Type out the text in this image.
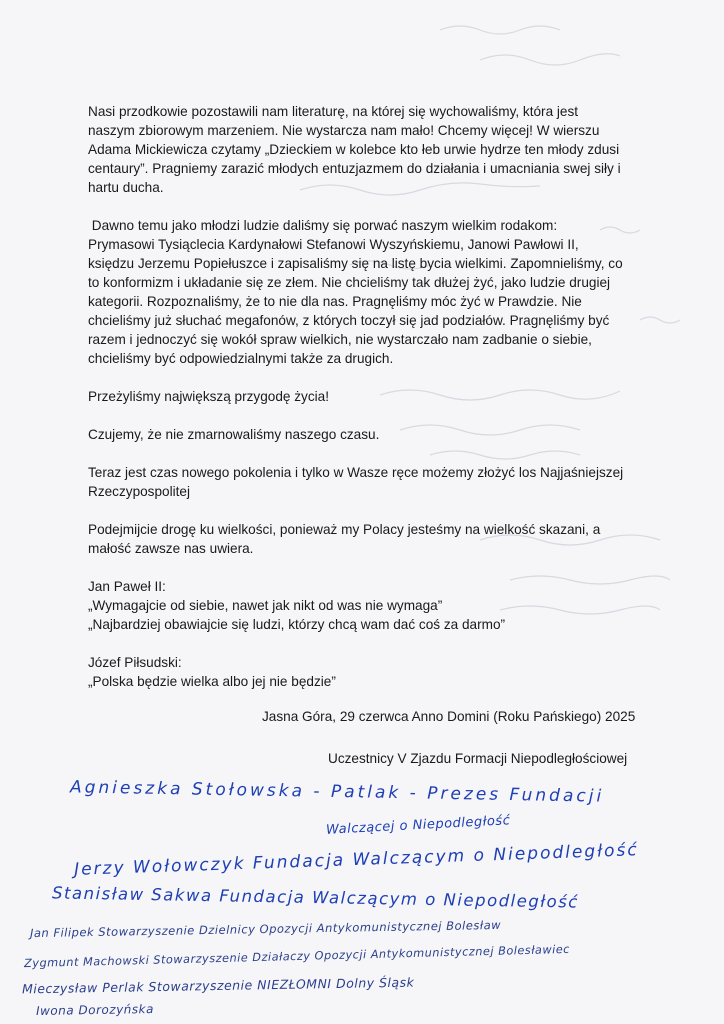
Nasi przodkowie pozostawili nam literaturę, na której się wychowaliśmy, która jest
naszym zbiorowym marzeniem. Nie wystarcza nam mało! Chcemy więcej! W wierszu
Adama Mickiewicza czytamy „Dzieckiem w kolebce kto łeb urwie hydrze ten młody zdusi
centaury”. Pragniemy zarazić młodych entuzjazmem do działania i umacniania swej siły i
hartu ducha.

Dawno temu jako młodzi ludzie daliśmy się porwać naszym wielkim rodakom:
Prymasowi Tysiąclecia Kardynałowi Stefanowi Wyszyńskiemu, Janowi Pawłowi II,
księdzu Jerzemu Popiełuszce i zapisaliśmy się na listę bycia wielkimi. Zapomnieliśmy, co
to konformizm i układanie się ze złem. Nie chcieliśmy tak dłużej żyć, jako ludzie drugiej
kategorii. Rozpoznaliśmy, że to nie dla nas. Pragnęliśmy móc żyć w Prawdzie. Nie
chcieliśmy już słuchać megafonów, z których toczył się jad podziałów. Pragnęliśmy być
razem i jednoczyć się wokół spraw wielkich, nie wystarczało nam zadbanie o siebie,
chcieliśmy być odpowiedzialnymi także za drugich.

Przeżyliśmy największą przygodę życia!

Czujemy, że nie zmarnowaliśmy naszego czasu.

Teraz jest czas nowego pokolenia i tylko w Wasze ręce możemy złożyć los Najjaśniejszej
Rzeczypospolitej

Podejmijcie drogę ku wielkości, ponieważ my Polacy jesteśmy na wielkość skazani, a
małość zawsze nas uwiera.

Jan Paweł II:
„Wymagajcie od siebie, nawet jak nikt od was nie wymaga”
„Najbardziej obawiajcie się ludzi, którzy chcą wam dać coś za darmo”

Józef Piłsudski:
„Polska będzie wielka albo jej nie będzie”

Jasna Góra, 29 czerwca Anno Domini (Roku Pańskiego) 2025
Uczestnicy V Zjazdu Formacji Niepodległościowej
Agnieszka Stołowska - Patlak - Prezes Fundacji
Walczącej o Niepodległość
Jerzy Wołowczyk Fundacja Walczącym o Niepodległość
Stanisław Sakwa Fundacja Walczącym o Niepodległość
Jan Filipek Stowarzyszenie Dzielnicy Opozycji Antykomunistycznej Bolesław
Zygmunt Machowski Stowarzyszenie Działaczy Opozycji Antykomunistycznej Bolesławiec
Mieczysław Perlak Stowarzyszenie NIEZŁOMNI Dolny Śląsk
Iwona Dorozyńska
